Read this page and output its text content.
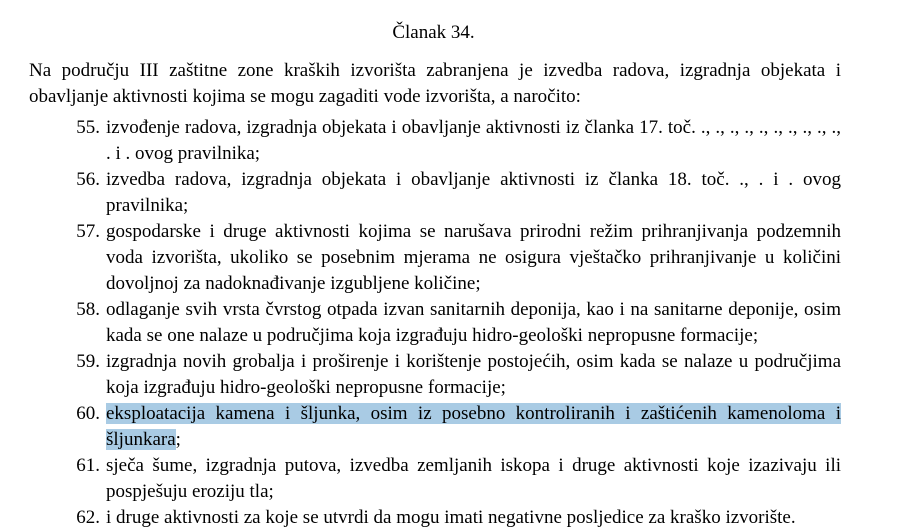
Članak 34.
Na području III zaštitne zone kraških izvorišta zabranjena je izvedba radova, izgradnja objekata i obavljanje aktivnosti kojima se mogu zagaditi vode izvorišta, a naročito:
55. izvođenje radova, izgradnja objekata i obavljanje aktivnosti iz članka 17. toč. ., ., ., ., ., ., ., ., ., ., . i . ovog pravilnika;
56. izvedba radova, izgradnja objekata i obavljanje aktivnosti iz članka 18. toč. ., . i . ovog pravilnika;
57. gospodarske i druge aktivnosti kojima se narušava prirodni režim prihranjivanja podzemnih voda izvorišta, ukoliko se posebnim mjerama ne osigura vještačko prihranjivanje u količini dovoljnoj za nadoknađivanje izgubljene količine;
58. odlaganje svih vrsta čvrstog otpada izvan sanitarnih deponija, kao i na sanitarne deponije, osim kada se one nalaze u područjima koja izgrađuju hidro-geološki nepropusne formacije;
59. izgradnja novih grobalja i proširenje i korištenje postojećih, osim kada se nalaze u područjima koja izgrađuju hidro-geološki nepropusne formacije;
60. eksploatacija kamena i šljunka, osim iz posebno kontroliranih i zaštićenih kamenoloma i šljunkara;
61. sječa šume, izgradnja putova, izvedba zemljanih iskopa i druge aktivnosti koje izazivaju ili pospješuju eroziju tla;
62. i druge aktivnosti za koje se utvrdi da mogu imati negativne posljedice za kraško izvorište.
